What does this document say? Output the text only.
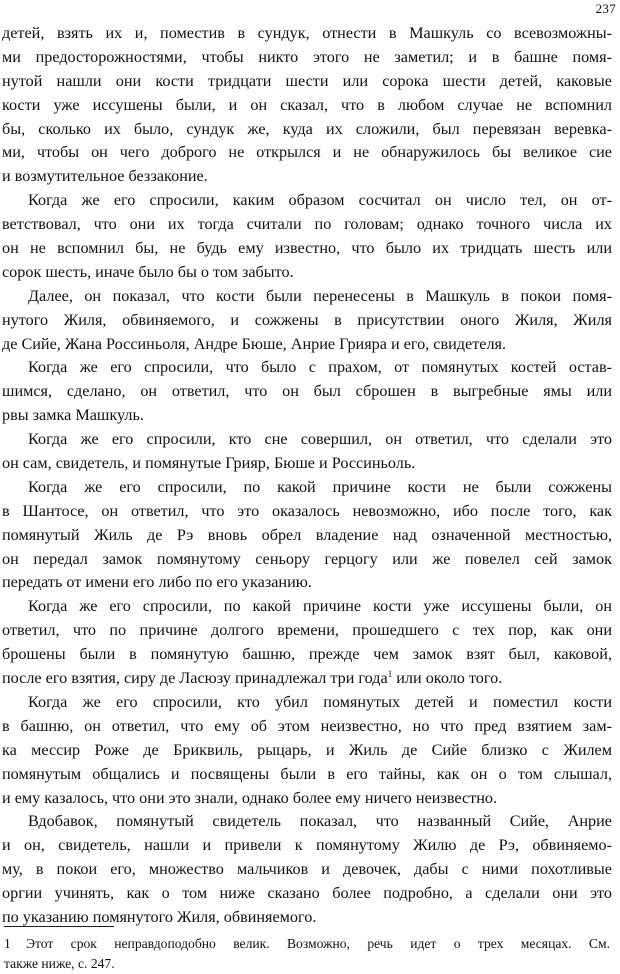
237
детей, взять их и, поместив в сундук, отнести в Машкуль со всевозможны-
ми предосторожностями, чтобы никто этого не заметил; и в башне помя-
нутой нашли они кости тридцати шести или сорока шести детей, каковые
кости уже иссушены были, и он сказал, что в любом случае не вспомнил
бы, сколько их было, сундук же, куда их сложили, был перевязан веревка-
ми, чтобы он чего доброго не открылся и не обнаружилось бы великое сие
и возмутительное беззаконие.
Когда же его спросили, каким образом сосчитал он число тел, он от-
ветствовал, что они их тогда считали по головам; однако точного числа их
он не вспомнил бы, не будь ему известно, что было их тридцать шесть или
сорок шесть, иначе было бы о том забыто.
Далее, он показал, что кости были перенесены в Машкуль в покои помя-
нутого Жиля, обвиняемого, и сожжены в присутствии оного Жиля, Жиля
де Сийе, Жана Россиньоля, Андре Бюше, Анрие Грияра и его, свидетеля.
Когда же его спросили, что было с прахом, от помянутых костей остав-
шимся, сделано, он ответил, что он был сброшен в выгребные ямы или
рвы замка Машкуль.
Когда же его спросили, кто сне совершил, он ответил, что сделали это
он сам, свидетель, и помянутые Грияр, Бюше и Россиньоль.
Когда же его спросили, по какой причине кости не были сожжены
в Шантосе, он ответил, что это оказалось невозможно, ибо после того, как
помянутый Жиль де Рэ вновь обрел владение над означенной местностью,
он передал замок помянутому сеньору герцогу или же повелел сей замок
передать от имени его либо по его указанию.
Когда же его спросили, по какой причине кости уже иссушены были, он
ответил, что по причине долгого времени, прошедшего с тех пор, как они
брошены были в помянутую башню, прежде чем замок взят был, каковой,
после его взятия, сиру де Ласюзу принадлежал три года$^1$ или около того.
Когда же его спросили, кто убил помянутых детей и поместил кости
в башню, он ответил, что ему об этом неизвестно, но что пред взятием зам-
ка мессир Роже де Бриквиль, рыцарь, и Жиль де Сийе близко с Жилем
помянутым общались и посвящены были в его тайны, как он о том слышал,
и ему казалось, что они это знали, однако более ему ничего неизвестно.
Вдобавок, помянутый свидетель показал, что названный Сийе, Анрие
и он, свидетель, нашли и привели к помянутому Жилю де Рэ, обвиняемо-
му, в покои его, множество мальчиков и девочек, дабы с ними похотливые
оргии учинять, как о том ниже сказано более подробно, а сделали они это
по указанию помянутого Жиля, обвиняемого.
1 Этот срок неправдоподобно велик. Возможно, речь идет о трех месяцах. См.
также ниже, с. 247.
